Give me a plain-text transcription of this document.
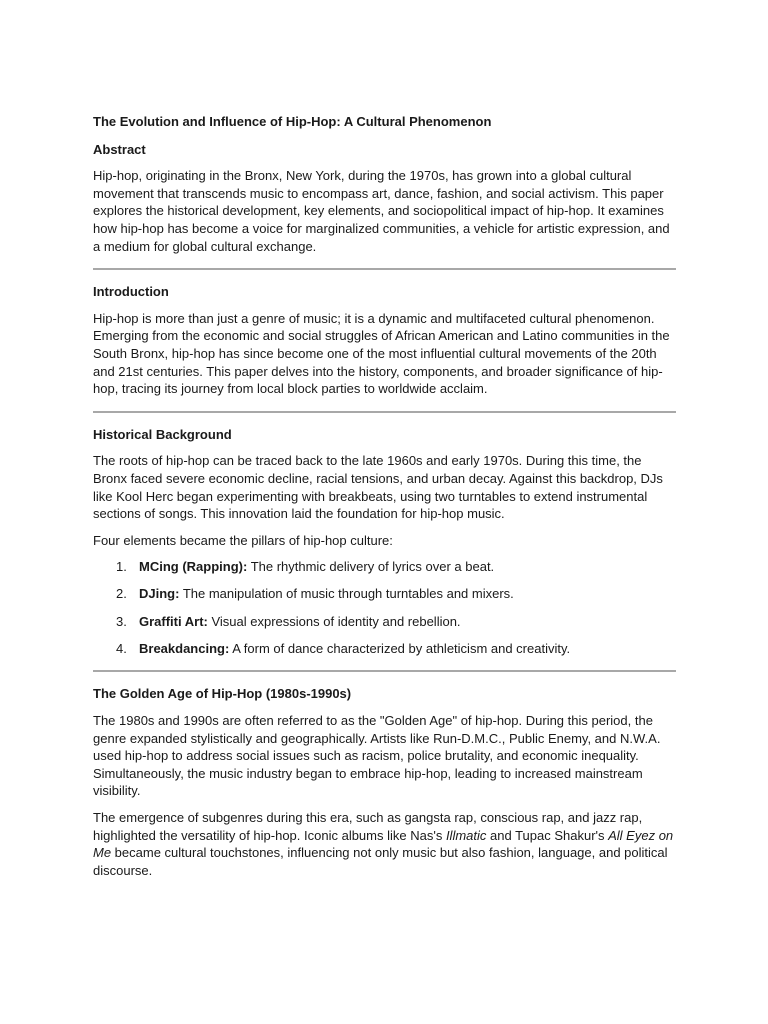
The Evolution and Influence of Hip-Hop: A Cultural Phenomenon
Abstract

Hip-hop, originating in the Bronx, New York, during the 1970s, has grown into a global cultural movement that transcends music to encompass art, dance, fashion, and social activism. This paper explores the historical development, key elements, and sociopolitical impact of hip-hop. It examines how hip-hop has become a voice for marginalized communities, a vehicle for artistic expression, and a medium for global cultural exchange.

Introduction

Hip-hop is more than just a genre of music; it is a dynamic and multifaceted cultural phenomenon. Emerging from the economic and social struggles of African American and Latino communities in the South Bronx, hip-hop has since become one of the most influential cultural movements of the 20th and 21st centuries. This paper delves into the history, components, and broader significance of hip-hop, tracing its journey from local block parties to worldwide acclaim.

Historical Background

The roots of hip-hop can be traced back to the late 1960s and early 1970s. During this time, the Bronx faced severe economic decline, racial tensions, and urban decay. Against this backdrop, DJs like Kool Herc began experimenting with breakbeats, using two turntables to extend instrumental sections of songs. This innovation laid the foundation for hip-hop music.

Four elements became the pillars of hip-hop culture:

1. MCing (Rapping): The rhythmic delivery of lyrics over a beat.
2. DJing: The manipulation of music through turntables and mixers.
3. Graffiti Art: Visual expressions of identity and rebellion.
4. Breakdancing: A form of dance characterized by athleticism and creativity.
The Golden Age of Hip-Hop (1980s-1990s)

The 1980s and 1990s are often referred to as the "Golden Age" of hip-hop. During this period, the genre expanded stylistically and geographically. Artists like Run-D.M.C., Public Enemy, and N.W.A. used hip-hop to address social issues such as racism, police brutality, and economic inequality. Simultaneously, the music industry began to embrace hip-hop, leading to increased mainstream visibility.

The emergence of subgenres during this era, such as gangsta rap, conscious rap, and jazz rap, highlighted the versatility of hip-hop. Iconic albums like Nas's Illmatic and Tupac Shakur's All Eyez on Me became cultural touchstones, influencing not only music but also fashion, language, and political discourse.
